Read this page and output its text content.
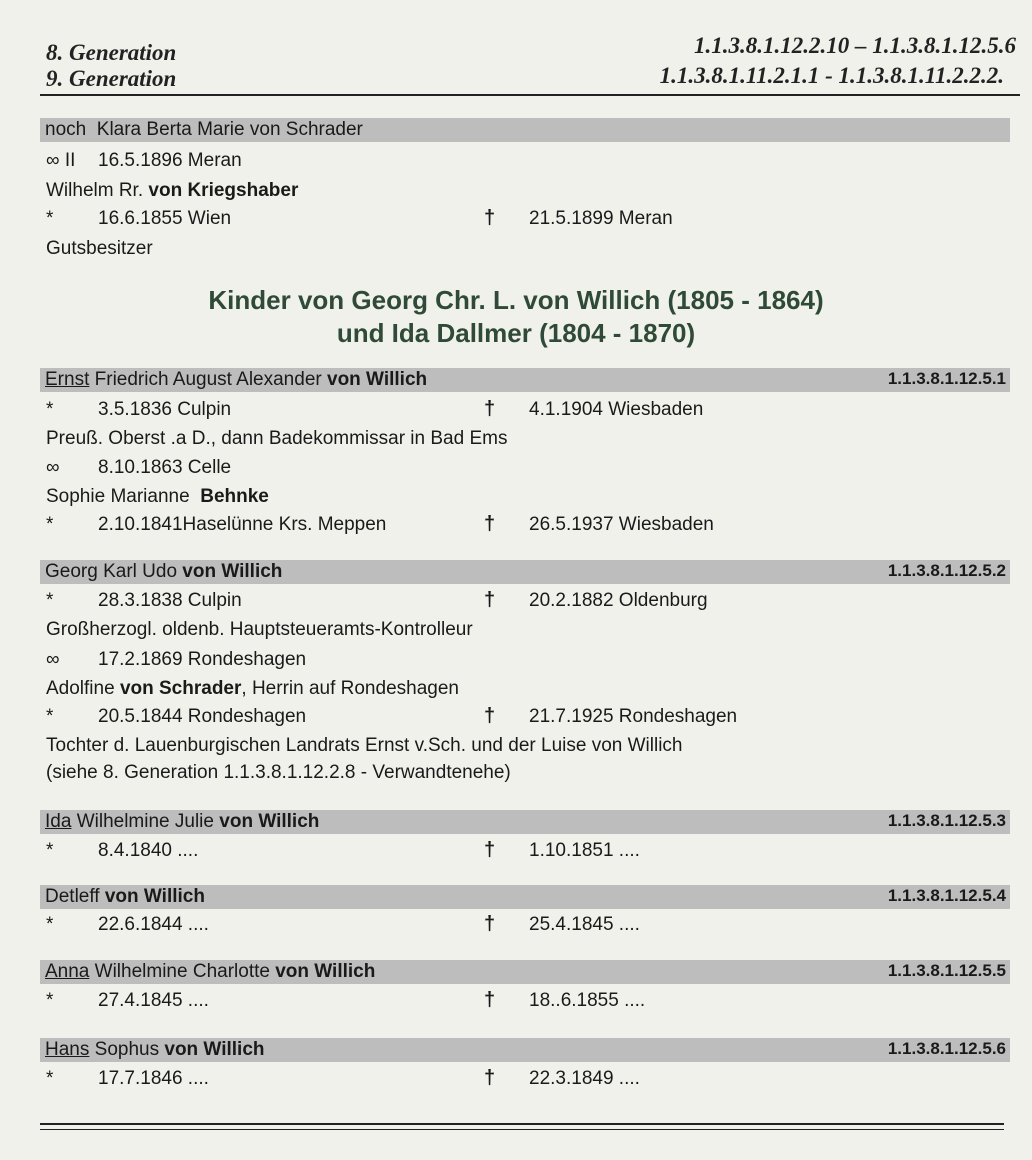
8. Generation
9. Generation
1.1.3.8.1.12.2.10 – 1.1.3.8.1.12.5.6
1.1.3.8.1.11.2.1.1 - 1.1.3.8.1.11.2.2.2.
noch Klara Berta Marie von Schrader
∞ II 16.5.1896 Meran
Wilhelm Rr. von Kriegshaber
* 16.6.1855 Wien	† 21.5.1899 Meran
Gutsbesitzer
Kinder von Georg Chr. L. von Willich (1805 - 1864)
und Ida Dallmer (1804 - 1870)
Ernst Friedrich August Alexander von Willich	1.1.3.8.1.12.5.1
* 3.5.1836 Culpin	† 4.1.1904 Wiesbaden
Preuß. Oberst .a D., dann Badekommissar in Bad Ems
∞ 8.10.1863 Celle
Sophie Marianne Behnke
* 2.10.1841Haselünne Krs. Meppen	† 26.5.1937 Wiesbaden
Georg Karl Udo von Willich	1.1.3.8.1.12.5.2
* 28.3.1838 Culpin	† 20.2.1882 Oldenburg
Großherzogl. oldenb. Hauptsteueramts-Kontrolleur
∞ 17.2.1869 Rondeshagen
Adolfine von Schrader, Herrin auf Rondeshagen
* 20.5.1844 Rondeshagen	† 21.7.1925 Rondeshagen
Tochter d. Lauenburgischen Landrats Ernst v.Sch. und der Luise von Willich
(siehe 8. Generation 1.1.3.8.1.12.2.8 - Verwandtenehe)
Ida Wilhelmine Julie von Willich	1.1.3.8.1.12.5.3
* 8.4.1840 ....	† 1.10.1851 ....
Detleff von Willich	1.1.3.8.1.12.5.4
* 22.6.1844 ....	† 25.4.1845 ....
Anna Wilhelmine Charlotte von Willich	1.1.3.8.1.12.5.5
* 27.4.1845 ....	† 18..6.1855 ....
Hans Sophus von Willich	1.1.3.8.1.12.5.6
* 17.7.1846 ....	† 22.3.1849 ....
